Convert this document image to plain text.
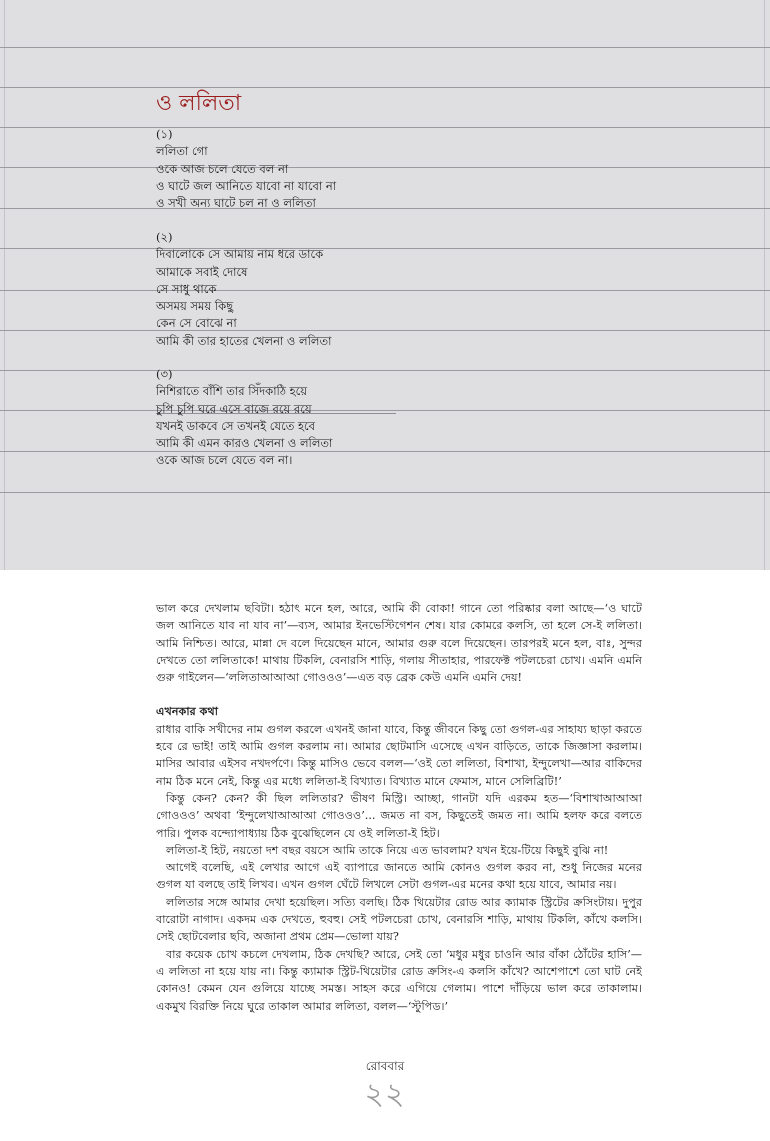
ও ললিতা
(১)
ললিতা গো
ওকে আজ চলে যেতে বল না
ও ঘাটে জল আনিতে যাবো না যাবো না
ও সখী অন্য ঘাটে চল না ও ললিতা
(২)
দিবালোকে সে আমায় নাম ধরে ডাকে
আমাকে সবাই দোষে
সে সাধু থাকে
অসময় সময় কিছু
কেন সে বোঝে না
আমি কী তার হাতের খেলনা ও ললিতা
(৩)
নিশিরাতে বাঁশি তার সিঁদকাঠি হয়ে
চুপি চুপি ঘরে এসে বাজে রয়ে রয়ে
যখনই ডাকবে সে তখনই যেতে হবে
আমি কী এমন কারও খেলনা ও ললিতা
ওকে আজ চলে যেতে বল না।

ভাল করে দেখলাম ছবিটা। হঠাৎ মনে হল, আরে, আমি কী বোকা! গানে তো পরিষ্কার বলা আছে—‘ও ঘাটে জল আনিতে যাব না যাব না’—ব্যস, আমার ইনভেস্টিগেশন শেষ। যার কোমরে কলসি, তা হলে সে-ই ললিতা। আমি নিশ্চিত। আরে, মান্না দে বলে দিয়েছেন মানে, আমার গুরু বলে দিয়েছেন। তারপরই মনে হল, বাঃ, সুন্দর দেখতে তো ললিতাকে! মাথায় টিকলি, বেনারসি শাড়ি, গলায় সীতাহার, পারফেক্ট পটলচেরা চোখ। এমনি এমনি গুরু গাইলেন—‘ললিতাআআআ গোওওও’—এত বড় ব্রেক কেউ এমনি এমনি দেয়!

এখনকার কথা

রাধার বাকি সখীদের নাম গুগল করলে এখনই জানা যাবে, কিন্তু জীবনে কিছু তো গুগল-এর সাহায্য ছাড়া করতে হবে রে ভাই! তাই আমি গুগল করলাম না। আমার ছোটমাসি এসেছে এখন বাড়িতে, তাকে জিজ্ঞাসা করলাম। মাসির আবার এইসব নখদর্পণে। কিন্তু মাসিও ভেবে বলল—‘ওই তো ললিতা, বিশাখা, ইন্দুলেখা—আর বাকিদের নাম ঠিক মনে নেই, কিন্তু এর মধ্যে ললিতা-ই বিখ্যাত। বিখ্যাত মানে ফেমাস, মানে সেলিব্রিটি!’

কিন্তু কেন? কেন? কী ছিল ললিতার? ভীষণ মিস্ট্রি। আচ্ছা, গানটা যদি এরকম হত—‘বিশাখাআআআ গোওওও’ অথবা ‘ইন্দুলেখাআআআ গোওওও’... জমত না বস, কিছুতেই জমত না। আমি হলফ করে বলতে পারি। পুলক বন্দ্যোপাধ্যায় ঠিক বুঝেছিলেন যে ওই ললিতা-ই হিট।

ললিতা-ই হিট, নয়তো দশ বছর বয়সে আমি তাকে নিয়ে এত ভাবলাম? যখন ইয়ে-টিয়ে কিছুই বুঝি না!

আগেই বলেছি, এই লেখার আগে এই ব্যাপারে জানতে আমি কোনও গুগল করব না, শুধু নিজের মনের গুগল যা বলছে তাই লিখব। এখন গুগল ঘেঁটে লিখলে সেটা গুগল-এর মনের কথা হয়ে যাবে, আমার নয়।

ললিতার সঙ্গে আমার দেখা হয়েছিল। সত্যি বলছি। ঠিক থিয়েটার রোড আর ক্যামাক স্ট্রিটের ক্রসিংটায়। দুপুর বারোটা নাগাদ। একদম এক দেখতে, হুবহু। সেই পটলচেরা চোখ, বেনারসি শাড়ি, মাথায় টিকলি, কাঁখে কলসি। সেই ছোটবেলার ছবি, অজানা প্রথম প্রেম—ভোলা যায়?

বার কয়েক চোখ কচলে দেখলাম, ঠিক দেখছি? আরে, সেই তো ‘মধুর মধুর চাওনি আর বাঁকা ঠোঁটের হাসি’—এ ললিতা না হয়ে যায় না। কিন্তু ক্যামাক স্ট্রিট-থিয়েটার রোড ক্রসিং-এ কলসি কাঁখে? আশেপাশে তো ঘাট নেই কোনও! কেমন যেন গুলিয়ে যাচ্ছে সমস্ত। সাহস করে এগিয়ে গেলাম। পাশে দাঁড়িয়ে ভাল করে তাকালাম। একমুখ বিরক্তি নিয়ে ঘুরে তাকাল আমার ললিতা, বলল—‘স্টুপিড।’

রোববার
২২
